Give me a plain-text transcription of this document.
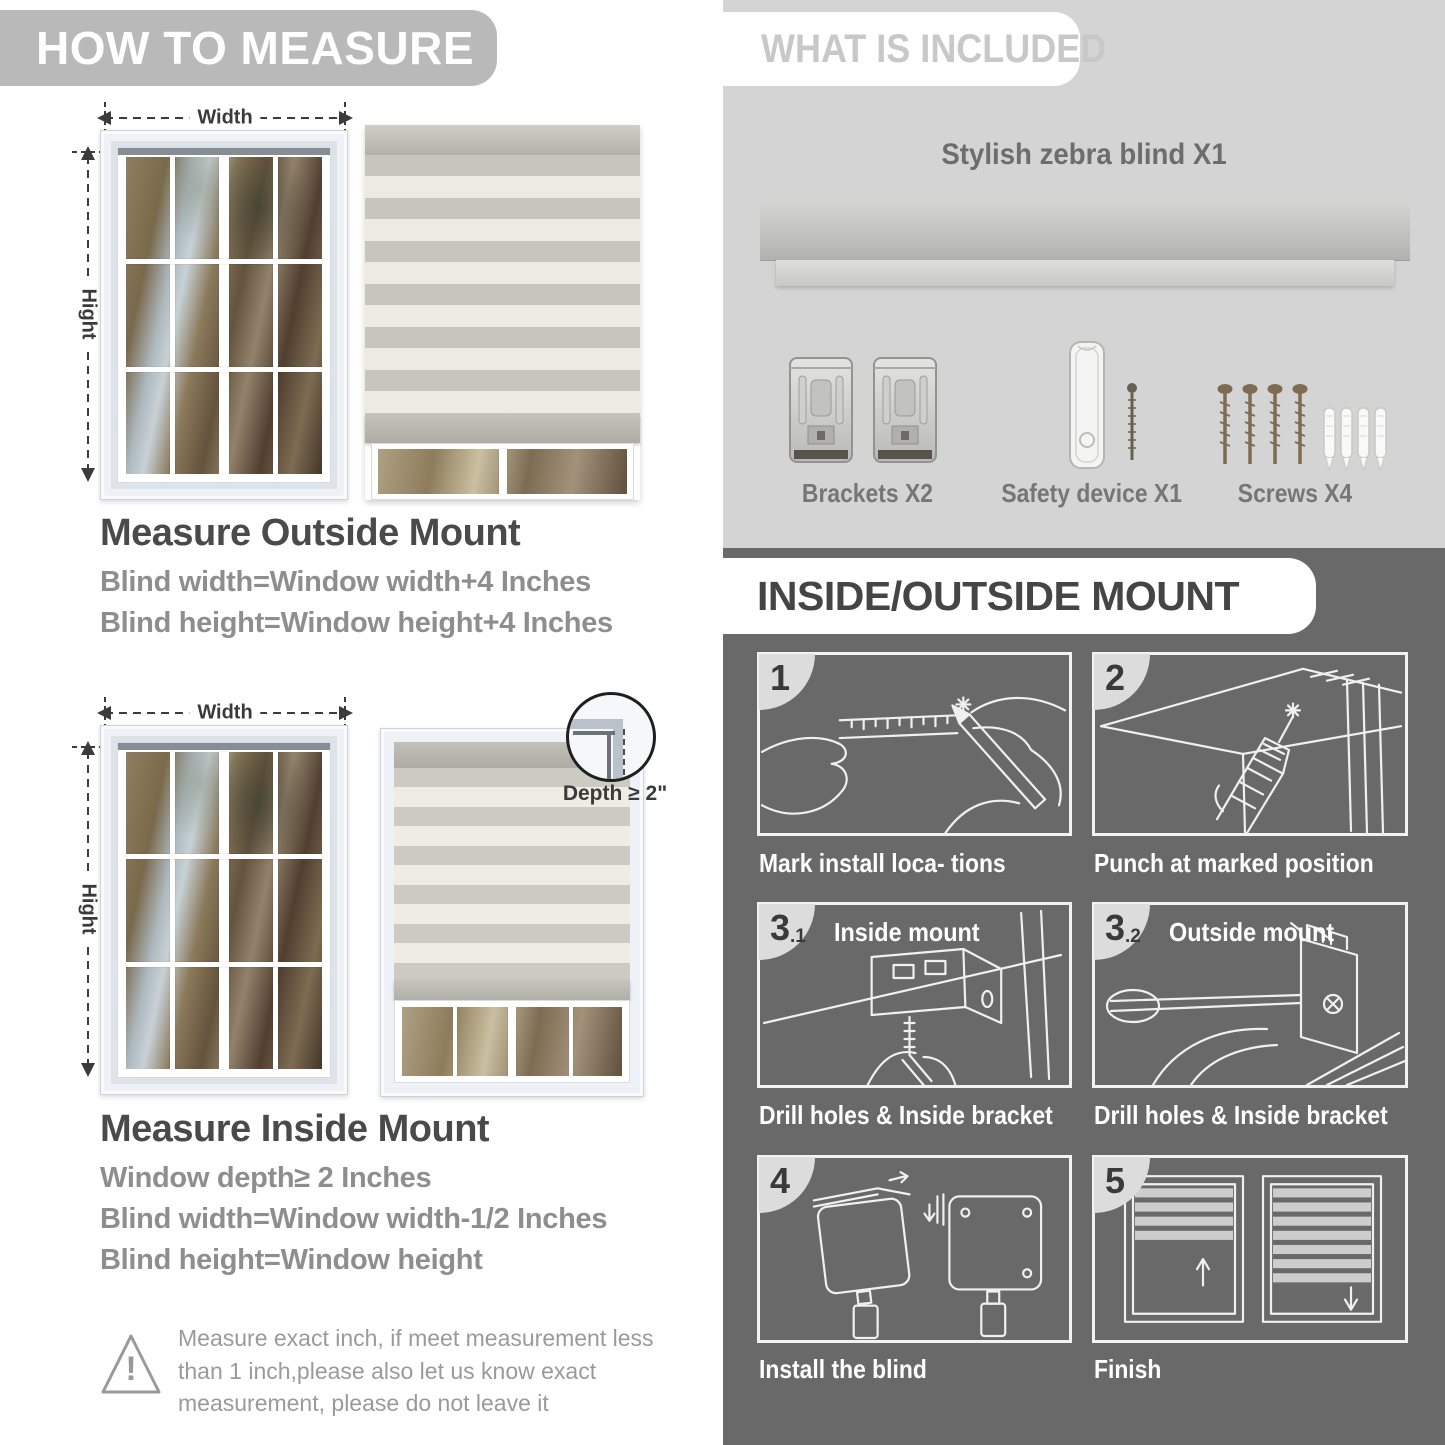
HOW TO MEASURE
Width
Hight
Measure Outside Mount
Blind width=Window width+4 Inches
Blind height=Window height+4 Inches
Width
Hight
Depth ≥ 2"
Measure Inside Mount
Window depth≥ 2 Inches
Blind width=Window width-1/2 Inches
Blind height=Window height
!
Measure exact inch, if meet measurement less than 1 inch,please also let us know exact measurement, please do not leave it
WHAT IS INCLUDED
Stylish zebra blind X1
Brackets X2	Safety device X1	Screws X4
INSIDE/OUTSIDE MOUNT
1
Mark install loca- tions
2
Punch at marked position
3.1	Inside mount
Drill holes & Inside bracket
3.2	Outside mount
Drill holes & Inside bracket
4
Install the blind
5
Finish
